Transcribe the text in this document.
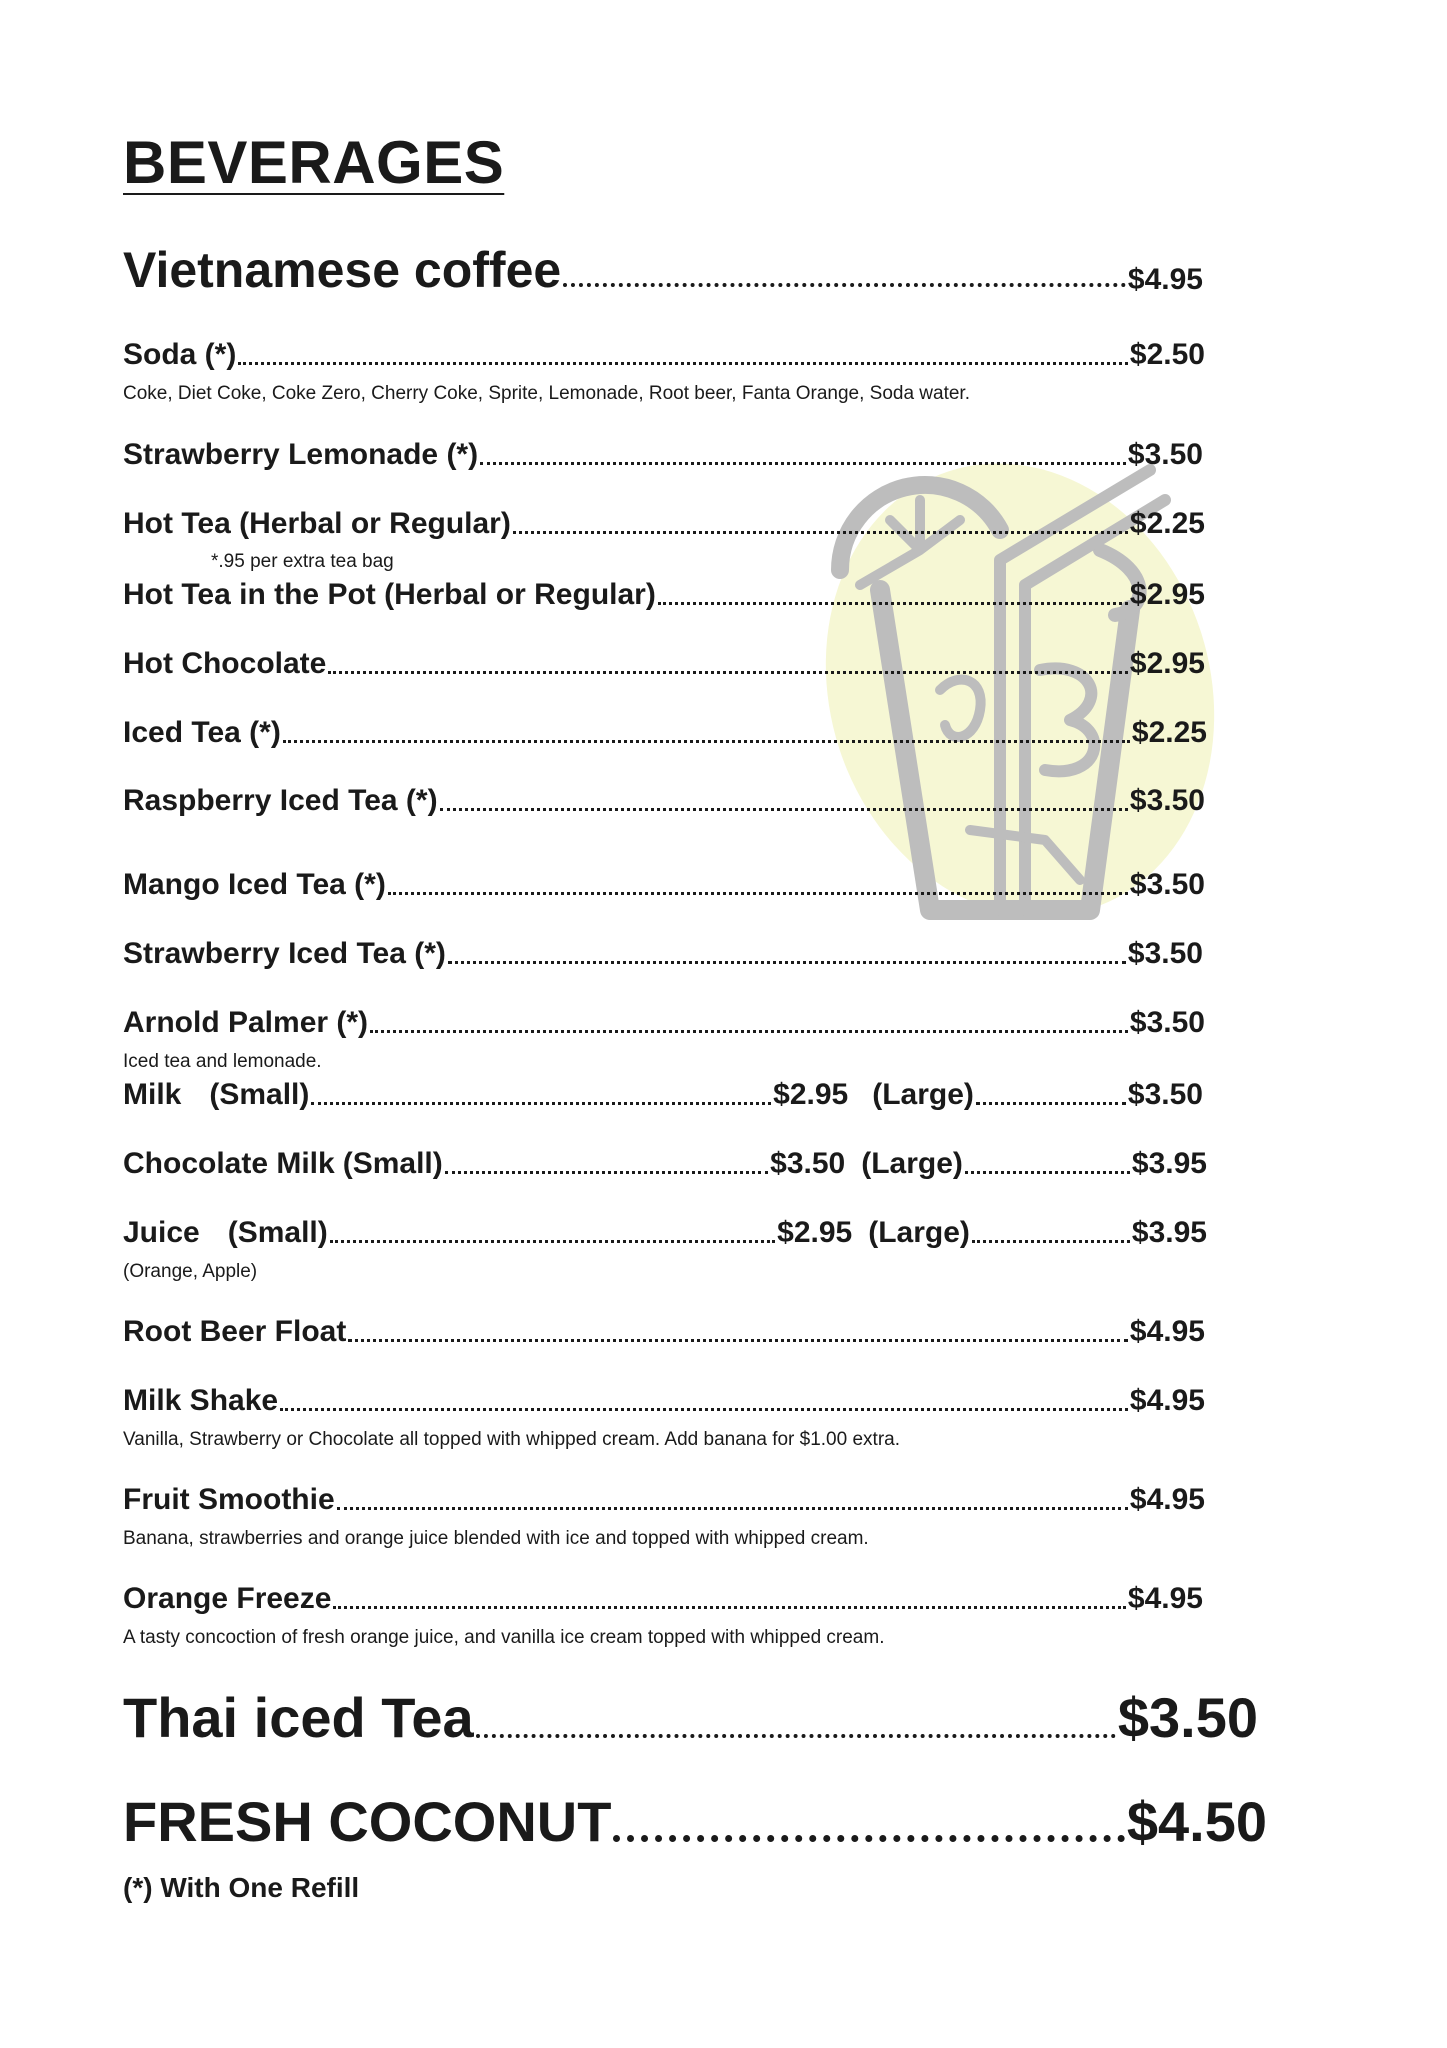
BEVERAGES
Vietnamese coffee	$4.95
Soda (*)	$2.50
Coke, Diet Coke, Coke Zero, Cherry Coke, Sprite, Lemonade, Root beer, Fanta Orange, Soda water.
Strawberry Lemonade (*)	$3.50
Hot Tea (Herbal or Regular)	$2.25
*.95 per extra tea bag
Hot Tea in the Pot (Herbal or Regular)	$2.95
Hot Chocolate	$2.95
Iced Tea (*)	$2.25
Raspberry Iced Tea (*)	$3.50
Mango Iced Tea (*)	$3.50
Strawberry Iced Tea (*)	$3.50
Arnold Palmer (*)	$3.50
Iced tea and lemonade.
Milk (Small)	$2.95 (Large)	$3.50
Chocolate Milk (Small)	$3.50 (Large)	$3.95
Juice (Small)	$2.95 (Large)	$3.95
(Orange, Apple)
Root Beer Float	$4.95
Milk Shake	$4.95
Vanilla, Strawberry or Chocolate all topped with whipped cream. Add banana for $1.00 extra.
Fruit Smoothie	$4.95
Banana, strawberries and orange juice blended with ice and topped with whipped cream.
Orange Freeze	$4.95
A tasty concoction of fresh orange juice, and vanilla ice cream topped with whipped cream.
Thai iced Tea	$3.50
FRESH COCONUT	$4.50
(*) With One Refill
